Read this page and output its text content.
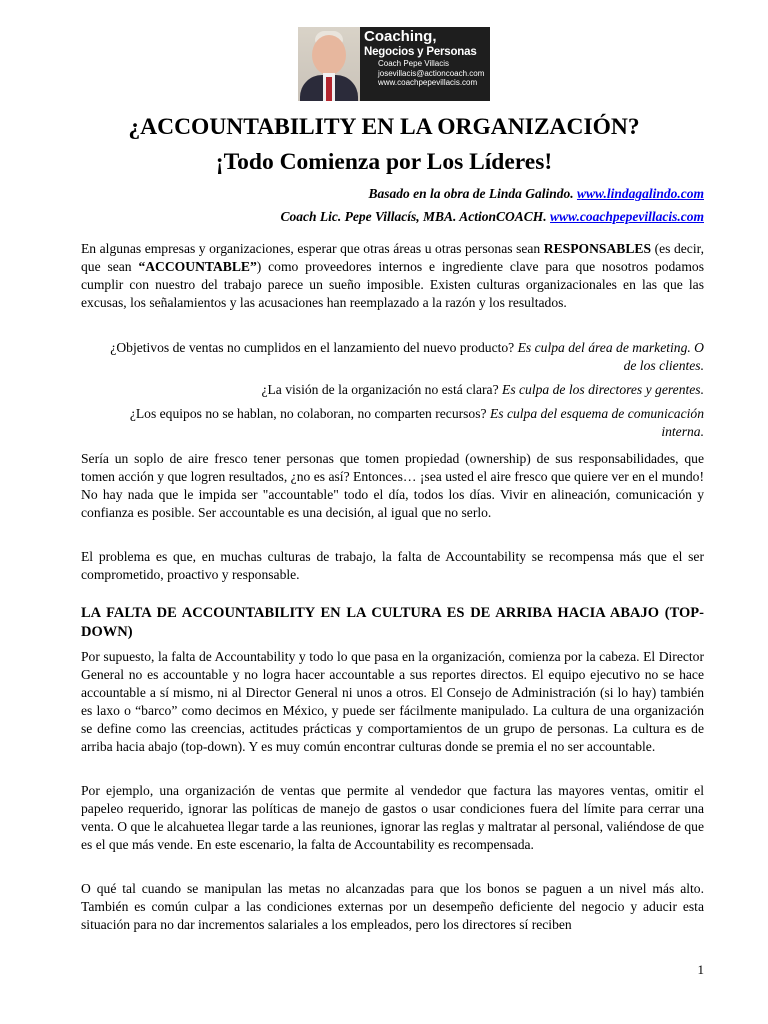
Coaching,
Negocios y Personas
Coach Pepe Villacis
josevillacis@actioncoach.com
www.coachpepevillacis.com
¿ACCOUNTABILITY EN LA ORGANIZACIÓN?
¡Todo Comienza por Los Líderes!
Basado en la obra de Linda Galindo. www.lindagalindo.com
Coach Lic. Pepe Villacís, MBA. ActionCOACH. www.coachpepevillacis.com

En algunas empresas y organizaciones, esperar que otras áreas u otras personas sean RESPONSABLES (es decir, que sean “ACCOUNTABLE”) como proveedores internos e ingrediente clave para que nosotros podamos cumplir con nuestro del trabajo parece un sueño imposible. Existen culturas organizacionales en las que las excusas, los señalamientos y las acusaciones han reemplazado a la razón y los resultados.

¿Objetivos de ventas no cumplidos en el lanzamiento del nuevo producto? Es culpa del área de marketing. O de los clientes.
¿La visión de la organización no está clara? Es culpa de los directores y gerentes.
¿Los equipos no se hablan, no colaboran, no comparten recursos? Es culpa del esquema de comunicación interna.

Sería un soplo de aire fresco tener personas que tomen propiedad (ownership) de sus responsabilidades, que tomen acción y que logren resultados, ¿no es así? Entonces… ¡sea usted el aire fresco que quiere ver en el mundo! No hay nada que le impida ser "accountable" todo el día, todos los días. Vivir en alineación, comunicación y confianza es posible. Ser accountable es una decisión, al igual que no serlo.

El problema es que, en muchas culturas de trabajo, la falta de Accountability se recompensa más que el ser comprometido, proactivo y responsable.

LA FALTA DE ACCOUNTABILITY EN LA CULTURA ES DE ARRIBA HACIA ABAJO (TOP-DOWN)

Por supuesto, la falta de Accountability y todo lo que pasa en la organización, comienza por la cabeza. El Director General no es accountable y no logra hacer accountable a sus reportes directos. El equipo ejecutivo no se hace accountable a sí mismo, ni al Director General ni unos a otros. El Consejo de Administración (si lo hay) también es laxo o “barco” como decimos en México, y puede ser fácilmente manipulado. La cultura de una organización se define como las creencias, actitudes prácticas y comportamientos de un grupo de personas. La cultura es de arriba hacia abajo (top-down). Y es muy común encontrar culturas donde se premia el no ser accountable.

Por ejemplo, una organización de ventas que permite al vendedor que factura las mayores ventas, omitir el papeleo requerido, ignorar las políticas de manejo de gastos o usar condiciones fuera del límite para cerrar una venta. O que le alcahuetea llegar tarde a las reuniones, ignorar las reglas y maltratar al personal, valiéndose de que es el que más vende. En este escenario, la falta de Accountability es recompensada.

O qué tal cuando se manipulan las metas no alcanzadas para que los bonos se paguen a un nivel más alto. También es común culpar a las condiciones externas por un desempeño deficiente del negocio y aducir esta situación para no dar incrementos salariales a los empleados, pero los directores sí reciben

1
